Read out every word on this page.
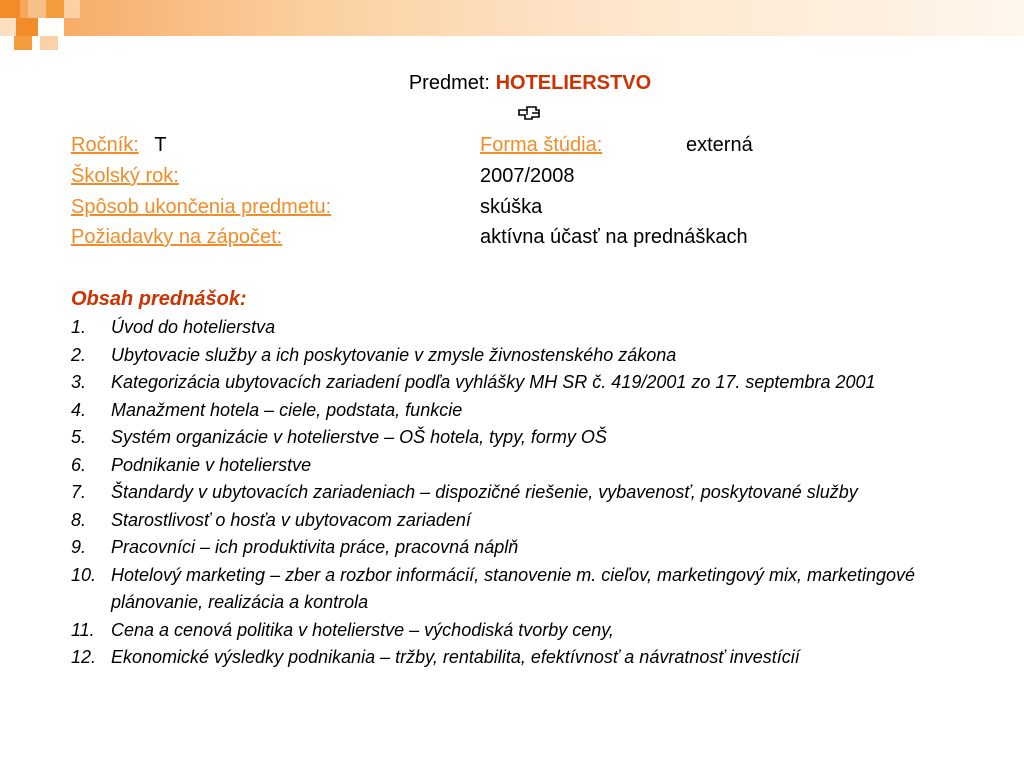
Predmet: HOTELIERSTVO
Ročník: T	Forma štúdia:	externá
Školský rok:	2007/2008
Spôsob ukončenia predmetu:	skúška
Požiadavky na zápočet:	aktívna účasť na prednáškach
Obsah prednášok:
1. Úvod do hotelierstva
2. Ubytovacie služby a ich poskytovanie v zmysle živnostenského zákona
3. Kategorizácia ubytovacích zariadení podľa vyhlášky MH SR č. 419/2001 zo 17. septembra 2001
4. Manažment hotela – ciele, podstata, funkcie
5. Systém organizácie v hotelierstve – OŠ hotela, typy, formy OŠ
6. Podnikanie v hotelierstve
7. Štandardy v ubytovacích zariadeniach – dispozičné riešenie, vybavenosť, poskytované služby
8. Starostlivosť o hosťa v ubytovacom zariadení
9. Pracovníci – ich produktivita práce, pracovná náplň
10. Hotelový marketing – zber a rozbor informácií, stanovenie m. cieľov, marketingový mix, marketingové plánovanie, realizácia a kontrola
11. Cena a cenová politika v hotelierstve – východiská tvorby ceny,
12. Ekonomické výsledky podnikania – tržby, rentabilita, efektívnosť a návratnosť investícií
